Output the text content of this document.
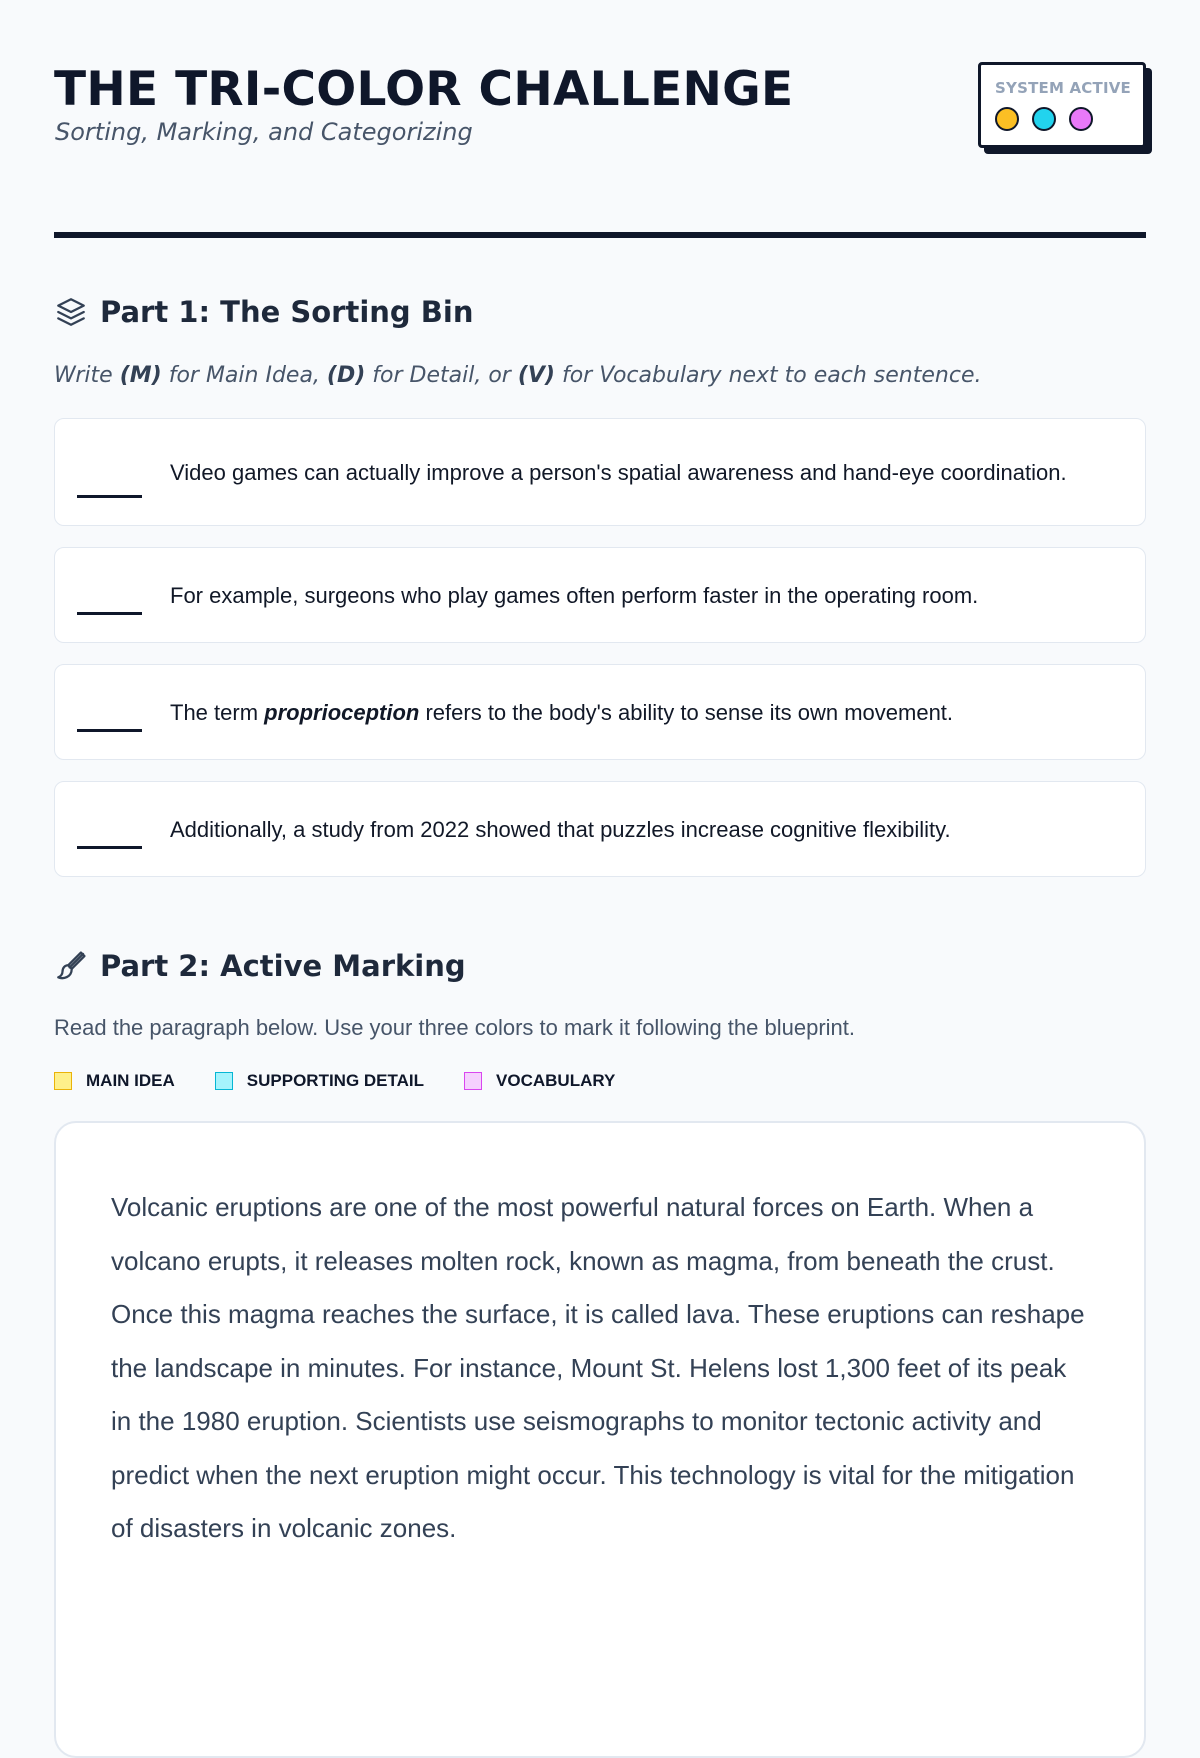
THE TRI-COLOR CHALLENGE

Sorting, Marking, and Categorizing

SYSTEM ACTIVE
Part 1: The Sorting Bin

Write (M) for Main Idea, (D) for Detail, or (V) for Vocabulary next to each sentence.

Video games can actually improve a person's spatial awareness and hand-eye coordination.
For example, surgeons who play games often perform faster in the operating room.
The term proprioception refers to the body's ability to sense its own movement.
Additionally, a study from 2022 showed that puzzles increase cognitive flexibility.
Part 2: Active Marking

Read the paragraph below. Use your three colors to mark it following the blueprint.

MAIN IDEA	SUPPORTING DETAIL	VOCABULARY

Volcanic eruptions are one of the most powerful natural forces on Earth. When a volcano erupts, it releases molten rock, known as magma, from beneath the crust. Once this magma reaches the surface, it is called lava. These eruptions can reshape the landscape in minutes. For instance, Mount St. Helens lost 1,300 feet of its peak in the 1980 eruption. Scientists use seismographs to monitor tectonic activity and predict when the next eruption might occur. This technology is vital for the mitigation of disasters in volcanic zones.
